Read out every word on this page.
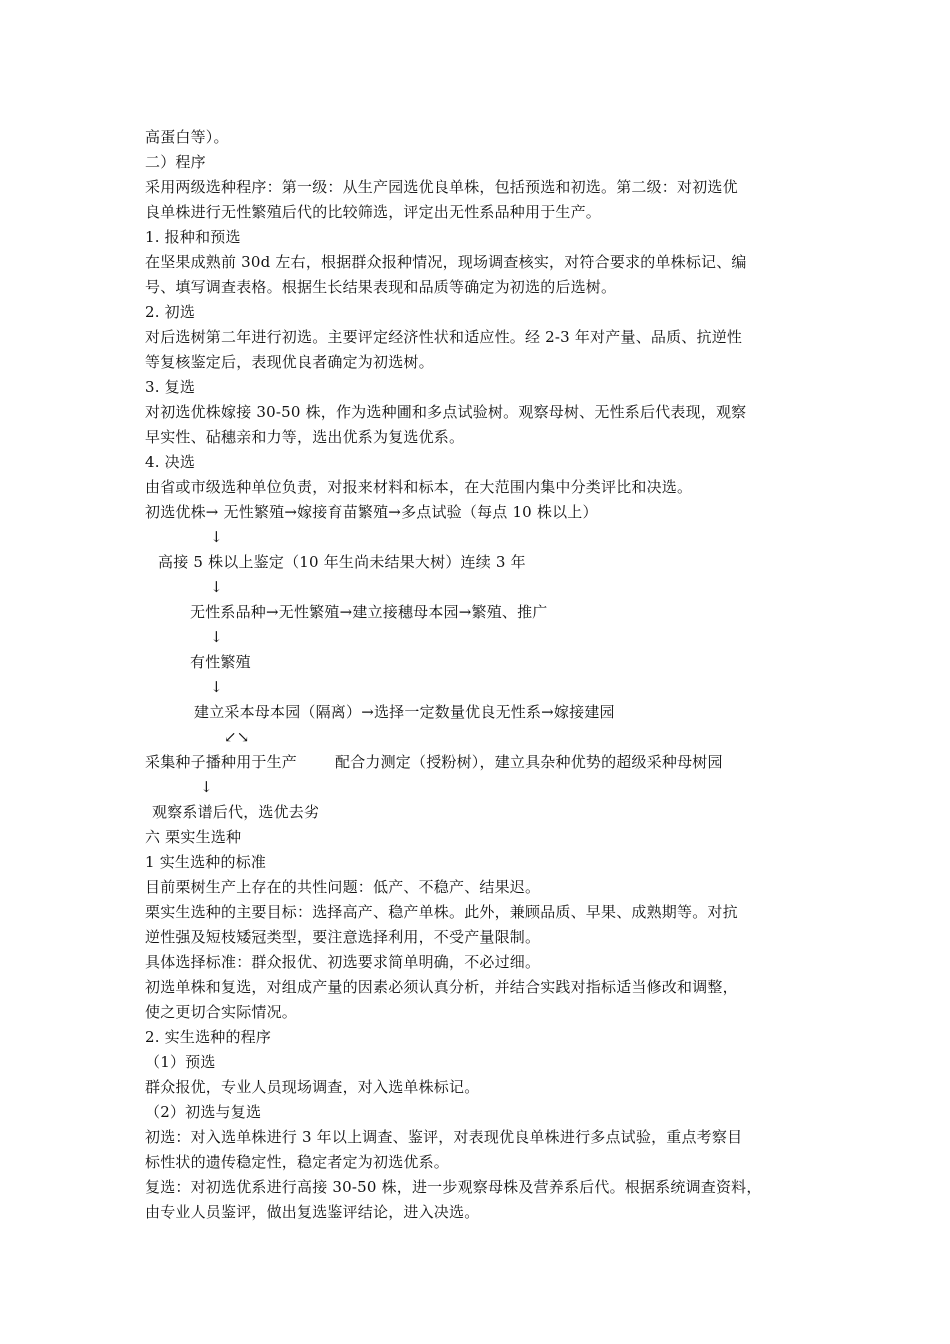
高蛋白等）。
二）程序
采用两级选种程序：第一级：从生产园选优良单株，包括预选和初选。第二级：对初选优
良单株进行无性繁殖后代的比较筛选，评定出无性系品种用于生产。
1. 报种和预选
在坚果成熟前 30d 左右，根据群众报种情况，现场调查核实，对符合要求的单株标记、编
号、填写调查表格。根据生长结果表现和品质等确定为初选的后选树。
2. 初选
对后选树第二年进行初选。主要评定经济性状和适应性。经 2-3 年对产量、品质、抗逆性
等复核鉴定后，表现优良者确定为初选树。
3. 复选
对初选优株嫁接 30-50 株，作为选种圃和多点试验树。观察母树、无性系后代表现，观察
早实性、砧穗亲和力等，选出优系为复选优系。
4. 决选
由省或市级选种单位负责，对报来材料和标本，在大范围内集中分类评比和决选。
初选优株→ 无性繁殖→嫁接育苗繁殖→多点试验（每点 10 株以上）
↓
高接 5 株以上鉴定（10 年生尚未结果大树）连续 3 年
↓
无性系品种→无性繁殖→建立接穗母本园→繁殖、推广
↓
有性繁殖
↓
建立采本母本园（隔离）→选择一定数量优良无性系→嫁接建园
↙↘
采集种子播种用于生产	配合力测定（授粉树），建立具杂种优势的超级采种母树园
↓
观察系谱后代，选优去劣
六 栗实生选种
1 实生选种的标准
目前栗树生产上存在的共性问题：低产、不稳产、结果迟。
栗实生选种的主要目标：选择高产、稳产单株。此外，兼顾品质、早果、成熟期等。对抗
逆性强及短枝矮冠类型，要注意选择利用，不受产量限制。
具体选择标准：群众报优、初选要求简单明确，不必过细。
初选单株和复选，对组成产量的因素必须认真分析，并结合实践对指标适当修改和调整，
使之更切合实际情况。
2. 实生选种的程序
（1）预选
群众报优，专业人员现场调查，对入选单株标记。
（2）初选与复选
初选：对入选单株进行 3 年以上调查、鉴评，对表现优良单株进行多点试验，重点考察目
标性状的遗传稳定性，稳定者定为初选优系。
复选：对初选优系进行高接 30-50 株，进一步观察母株及营养系后代。根据系统调查资料，
由专业人员鉴评，做出复选鉴评结论，进入决选。
